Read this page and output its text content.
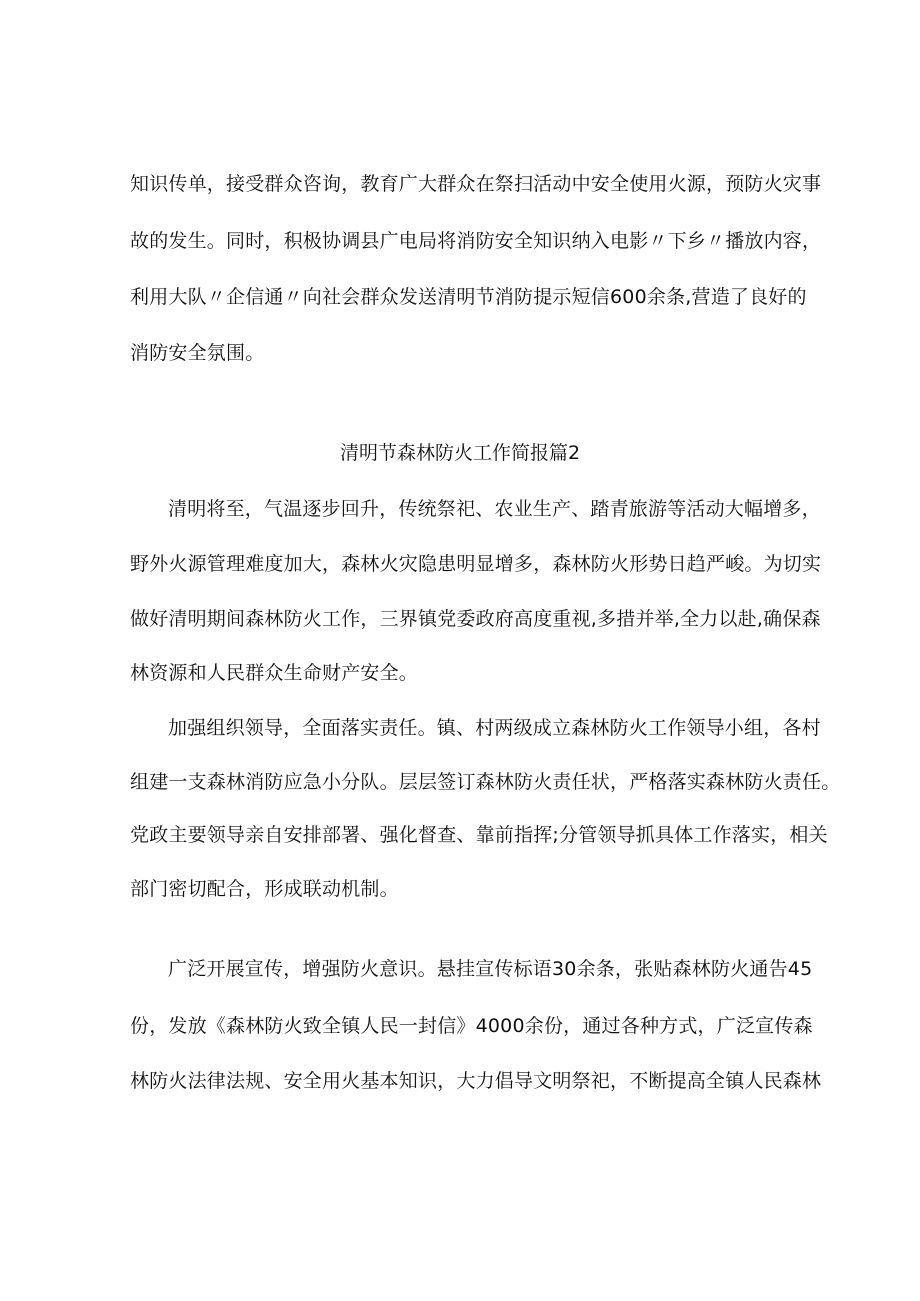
知识传单，接受群众咨询，教育广大群众在祭扫活动中安全使用火源，预防火灾事
故的发生。同时，积极协调县广电局将消防安全知识纳入电影〃下乡〃播放内容，
利用大队〃企信通〃向社会群众发送清明节消防提示短信600余条,营造了良好的
消防安全氛围。
清明节森林防火工作简报篇2
清明将至，气温逐步回升，传统祭祀、农业生产、踏青旅游等活动大幅增多，
野外火源管理难度加大，森林火灾隐患明显增多，森林防火形势日趋严峻。为切实
做好清明期间森林防火工作，三界镇党委政府高度重视,多措并举,全力以赴,确保森
林资源和人民群众生命财产安全。
加强组织领导，全面落实责任。镇、村两级成立森林防火工作领导小组，各村
组建一支森林消防应急小分队。层层签订森林防火责任状，严格落实森林防火责任。
党政主要领导亲自安排部署、强化督查、靠前指挥;分管领导抓具体工作落实，相关
部门密切配合，形成联动机制。
广泛开展宣传，增强防火意识。悬挂宣传标语30余条，张贴森林防火通告45
份，发放《森林防火致全镇人民一封信》4000余份，通过各种方式，广泛宣传森
林防火法律法规、安全用火基本知识，大力倡导文明祭祀，不断提高全镇人民森林
